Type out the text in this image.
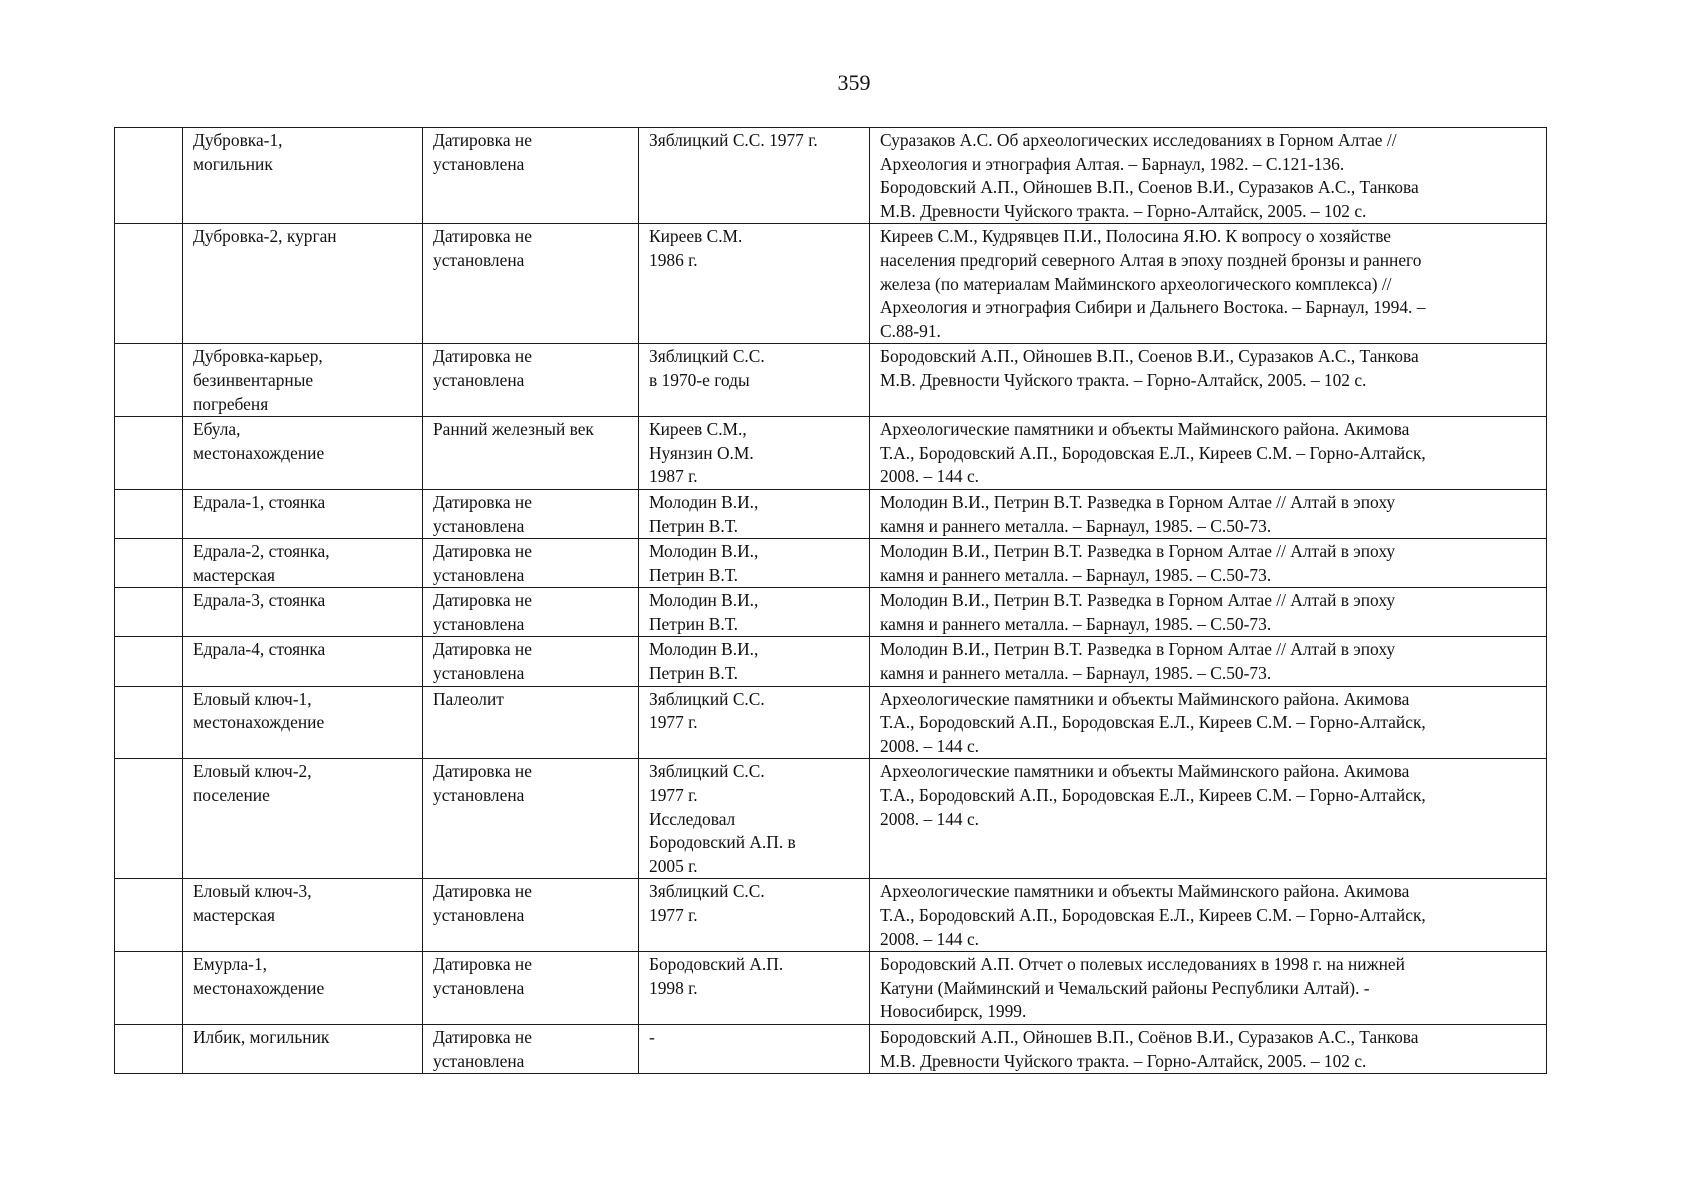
359
	Дубровка-1,
могильник	Датировка не
установлена	Зяблицкий С.С. 1977 г.	Суразаков А.С. Об археологических исследованиях в Горном Алтае //
Археология и этнография Алтая. – Барнаул, 1982. – С.121-136.
Бородовский А.П., Ойношев В.П., Соенов В.И., Суразаков А.С., Танкова
М.В. Древности Чуйского тракта. – Горно-Алтайск, 2005. – 102 с.
	Дубровка-2, курган	Датировка не
установлена	Киреев С.М.
1986 г.	Киреев С.М., Кудрявцев П.И., Полосина Я.Ю. К вопросу о хозяйстве
населения предгорий северного Алтая в эпоху поздней бронзы и раннего
железа (по материалам Майминского археологического комплекса) //
Археология и этнография Сибири и Дальнего Востока. – Барнаул, 1994. –
С.88-91.
	Дубровка-карьер,
безинвентарные
погребеня	Датировка не
установлена	Зяблицкий С.С.
в 1970-е годы	Бородовский А.П., Ойношев В.П., Соенов В.И., Суразаков А.С., Танкова
М.В. Древности Чуйского тракта. – Горно-Алтайск, 2005. – 102 с.
	Ебула,
местонахождение	Ранний железный век	Киреев С.М.,
Нуянзин О.М.
1987 г.	Археологические памятники и объекты Майминского района. Акимова
Т.А., Бородовский А.П., Бородовская Е.Л., Киреев С.М. – Горно-Алтайск,
2008. – 144 с.
	Едрала-1, стоянка	Датировка не
установлена	Молодин В.И.,
Петрин В.Т.	Молодин В.И., Петрин В.Т. Разведка в Горном Алтае // Алтай в эпоху
камня и раннего металла. – Барнаул, 1985. – С.50-73.
	Едрала-2, стоянка,
мастерская	Датировка не
установлена	Молодин В.И.,
Петрин В.Т.	Молодин В.И., Петрин В.Т. Разведка в Горном Алтае // Алтай в эпоху
камня и раннего металла. – Барнаул, 1985. – С.50-73.
	Едрала-3, стоянка	Датировка не
установлена	Молодин В.И.,
Петрин В.Т.	Молодин В.И., Петрин В.Т. Разведка в Горном Алтае // Алтай в эпоху
камня и раннего металла. – Барнаул, 1985. – С.50-73.
	Едрала-4, стоянка	Датировка не
установлена	Молодин В.И.,
Петрин В.Т.	Молодин В.И., Петрин В.Т. Разведка в Горном Алтае // Алтай в эпоху
камня и раннего металла. – Барнаул, 1985. – С.50-73.
	Еловый ключ-1,
местонахождение	Палеолит	Зяблицкий С.С.
1977 г.	Археологические памятники и объекты Майминского района. Акимова
Т.А., Бородовский А.П., Бородовская Е.Л., Киреев С.М. – Горно-Алтайск,
2008. – 144 с.
	Еловый ключ-2,
поселение	Датировка не
установлена	Зяблицкий С.С.
1977 г.
Исследовал
Бородовский А.П. в
2005 г.	Археологические памятники и объекты Майминского района. Акимова
Т.А., Бородовский А.П., Бородовская Е.Л., Киреев С.М. – Горно-Алтайск,
2008. – 144 с.
	Еловый ключ-3,
мастерская	Датировка не
установлена	Зяблицкий С.С.
1977 г.	Археологические памятники и объекты Майминского района. Акимова
Т.А., Бородовский А.П., Бородовская Е.Л., Киреев С.М. – Горно-Алтайск,
2008. – 144 с.
	Емурла-1,
местонахождение	Датировка не
установлена	Бородовский А.П.
1998 г.	Бородовский А.П. Отчет о полевых исследованиях в 1998 г. на нижней
Катуни (Майминский и Чемальский районы Республики Алтай). -
Новосибирск, 1999.
	Илбик, могильник	Датировка не
установлена	-	Бородовский А.П., Ойношев В.П., Соёнов В.И., Суразаков А.С., Танкова
М.В. Древности Чуйского тракта. – Горно-Алтайск, 2005. – 102 с.
